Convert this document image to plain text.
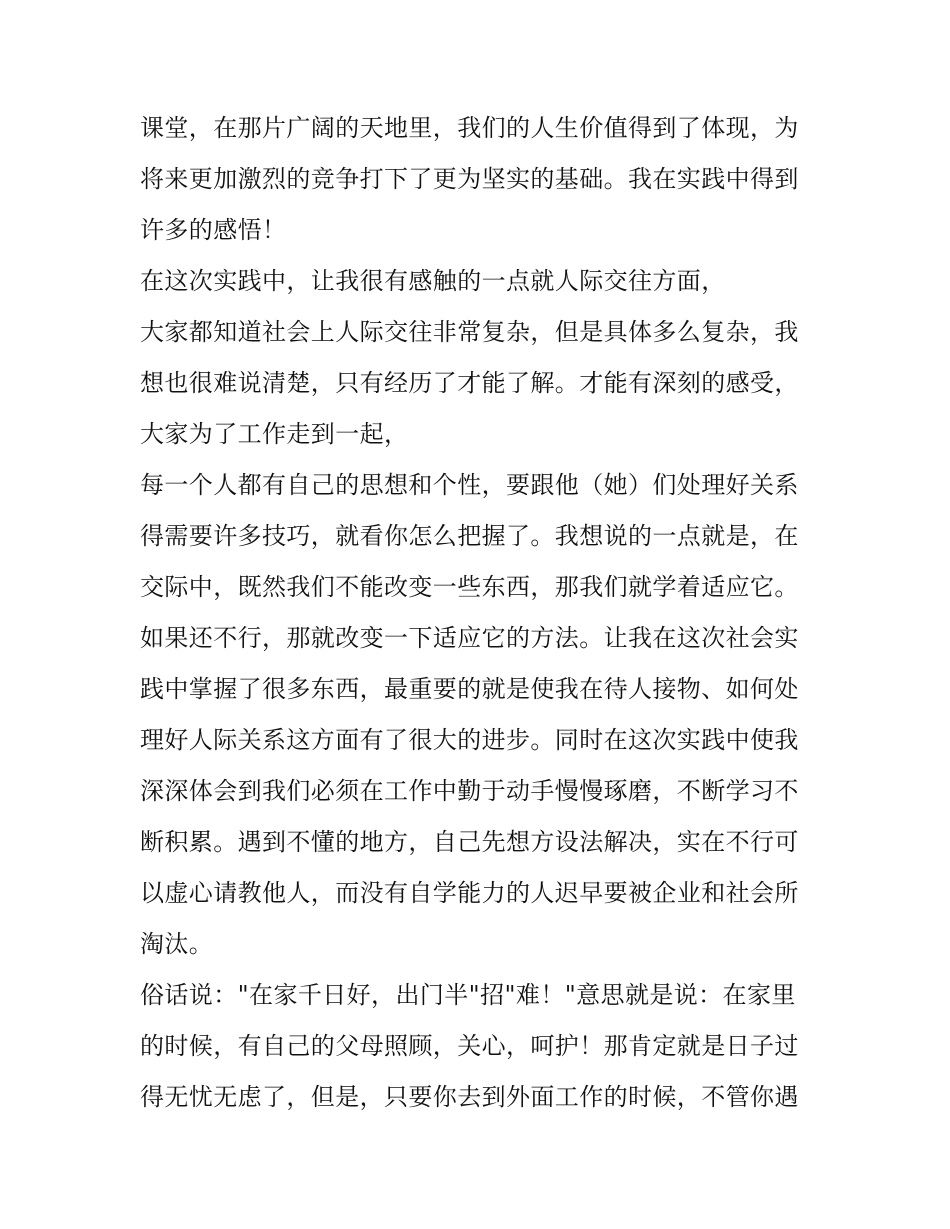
课堂，在那片广阔的天地里，我们的人生价值得到了体现，为
将来更加激烈的竞争打下了更为坚实的基础。我在实践中得到
许多的感悟！
在这次实践中，让我很有感触的一点就人际交往方面，
大家都知道社会上人际交往非常复杂，但是具体多么复杂，我
想也很难说清楚，只有经历了才能了解。才能有深刻的感受，
大家为了工作走到一起，
每一个人都有自己的思想和个性，要跟他（她）们处理好关系
得需要许多技巧，就看你怎么把握了。我想说的一点就是，在
交际中，既然我们不能改变一些东西，那我们就学着适应它。
如果还不行，那就改变一下适应它的方法。让我在这次社会实
践中掌握了很多东西，最重要的就是使我在待人接物、如何处
理好人际关系这方面有了很大的进步。同时在这次实践中使我
深深体会到我们必须在工作中勤于动手慢慢琢磨，不断学习不
断积累。遇到不懂的地方，自己先想方设法解决，实在不行可
以虚心请教他人，而没有自学能力的人迟早要被企业和社会所
淘汰。
俗话说："在家千日好，出门半"招"难！"意思就是说：在家里
的时候，有自己的父母照顾，关心，呵护！那肯定就是日子过
得无忧无虑了，但是，只要你去到外面工作的时候，不管你遇
